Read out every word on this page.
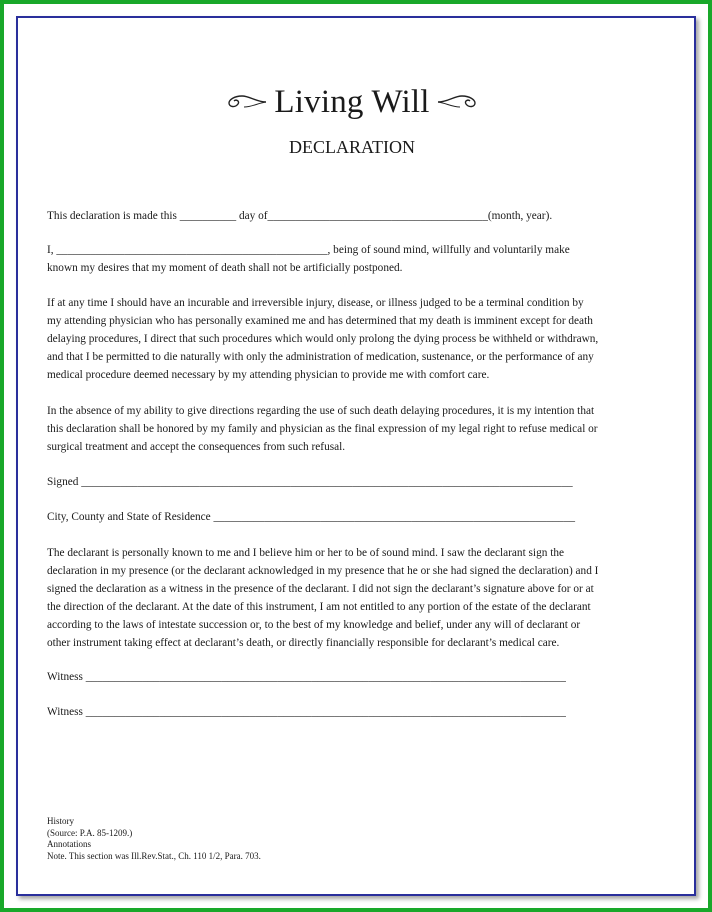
Living Will
DECLARATION

This declaration is made this __________ day of_______________________________________(month, year).

I, ________________________________________________, being of sound mind, willfully and voluntarily make
known my desires that my moment of death shall not be artificially postponed.

If at any time I should have an incurable and irreversible injury, disease, or illness judged to be a terminal condition by
my attending physician who has personally examined me and has determined that my death is imminent except for death
delaying procedures, I direct that such procedures which would only prolong the dying process be withheld or withdrawn,
and that I be permitted to die naturally with only the administration of medication, sustenance, or the performance of any
medical procedure deemed necessary by my attending physician to provide me with comfort care.

In the absence of my ability to give directions regarding the use of such death delaying procedures, it is my intention that
this declaration shall be honored by my family and physician as the final expression of my legal right to refuse medical or
surgical treatment and accept the consequences from such refusal.

Signed _______________________________________________________________________________________

City, County and State of Residence ________________________________________________________________

The declarant is personally known to me and I believe him or her to be of sound mind. I saw the declarant sign the
declaration in my presence (or the declarant acknowledged in my presence that he or she had signed the declaration) and I
signed the declaration as a witness in the presence of the declarant. I did not sign the declarant’s signature above for or at
the direction of the declarant. At the date of this instrument, I am not entitled to any portion of the estate of the declarant
according to the laws of intestate succession or, to the best of my knowledge and belief, under any will of declarant or
other instrument taking effect at declarant’s death, or directly financially responsible for declarant’s medical care.

Witness _____________________________________________________________________________________

Witness _____________________________________________________________________________________

History
(Source: P.A. 85-1209.)
Annotations
Note. This section was Ill.Rev.Stat., Ch. 110 1/2, Para. 703.
